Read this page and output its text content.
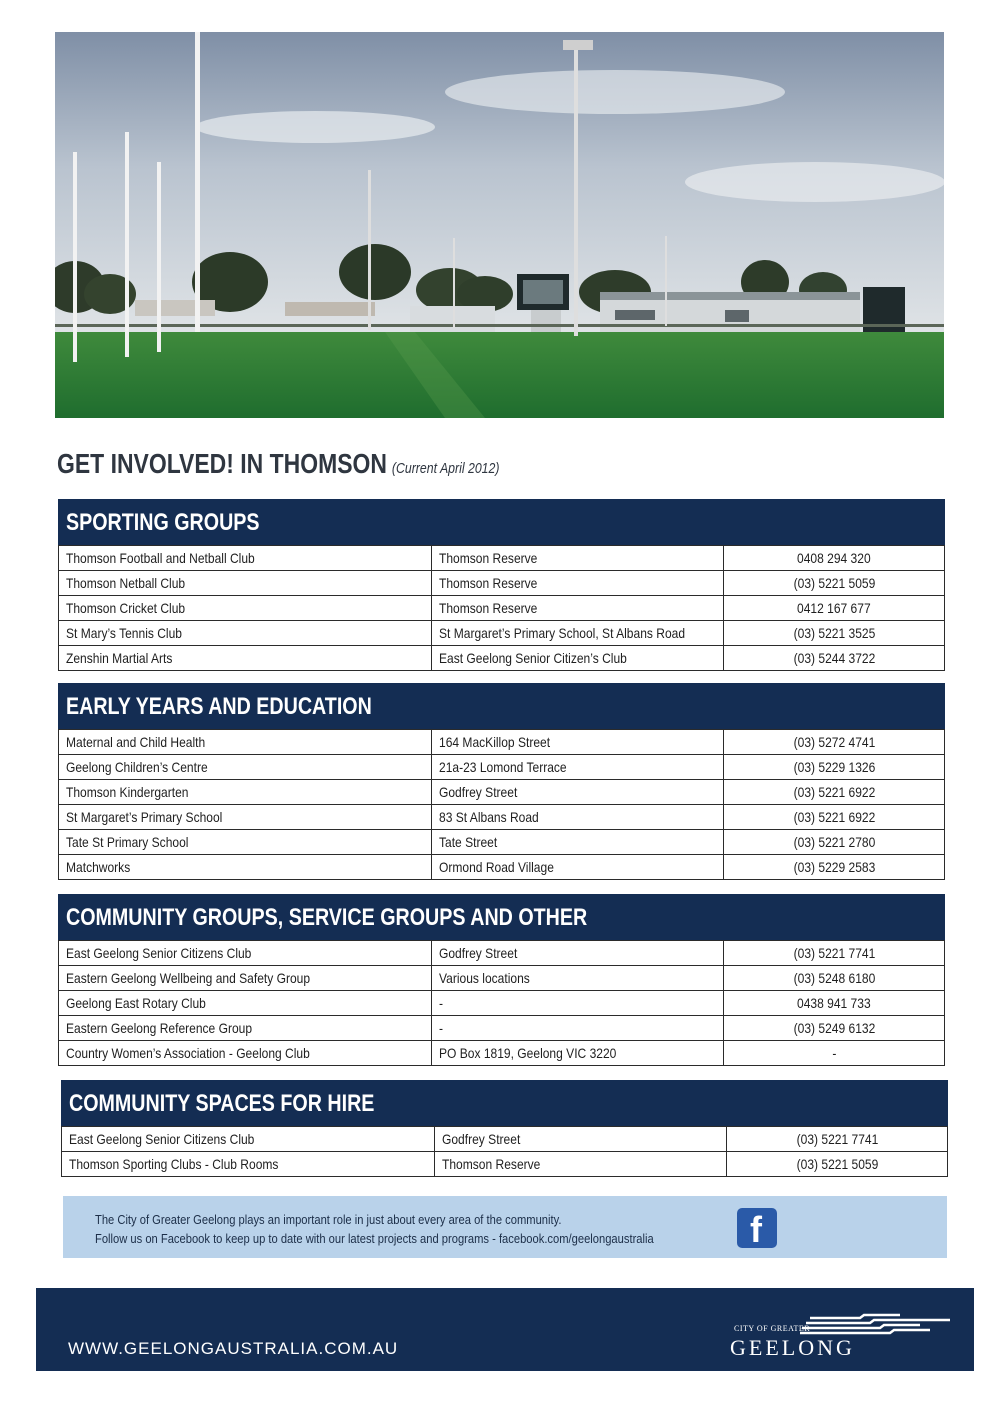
GET INVOLVED! IN THOMSON (Current April 2012)
SPORTING GROUPS
Thomson Football and Netball Club	Thomson Reserve	0408 294 320
Thomson Netball Club	Thomson Reserve	(03) 5221 5059
Thomson Cricket Club	Thomson Reserve	0412 167 677
St Mary’s Tennis Club	St Margaret’s Primary School, St Albans Road	(03) 5221 3525
Zenshin Martial Arts	East Geelong Senior Citizen’s Club	(03) 5244 3722
EARLY YEARS AND EDUCATION
Maternal and Child Health	164 MacKillop Street	(03) 5272 4741
Geelong Children’s Centre	21a-23 Lomond Terrace	(03) 5229 1326
Thomson Kindergarten	Godfrey Street	(03) 5221 6922
St Margaret’s Primary School	83 St Albans Road	(03) 5221 6922
Tate St Primary School	Tate Street	(03) 5221 2780
Matchworks	Ormond Road Village	(03) 5229 2583
COMMUNITY GROUPS, SERVICE GROUPS AND OTHER
East Geelong Senior Citizens Club	Godfrey Street	(03) 5221 7741
Eastern Geelong Wellbeing and Safety Group	Various locations	(03) 5248 6180
Geelong East Rotary Club	-	0438 941 733
Eastern Geelong Reference Group	-	(03) 5249 6132
Country Women’s Association - Geelong Club	PO Box 1819, Geelong VIC 3220	-
COMMUNITY SPACES FOR HIRE
East Geelong Senior Citizens Club	Godfrey Street	(03) 5221 7741
Thomson Sporting Clubs - Club Rooms	Thomson Reserve	(03) 5221 5059
The City of Greater Geelong plays an important role in just about every area of the community.
Follow us on Facebook to keep up to date with our latest projects and programs - facebook.com/geelongaustralia	f
WWW.GEELONGAUSTRALIA.COM.AU
CITY OF GREATER
GEELONG
